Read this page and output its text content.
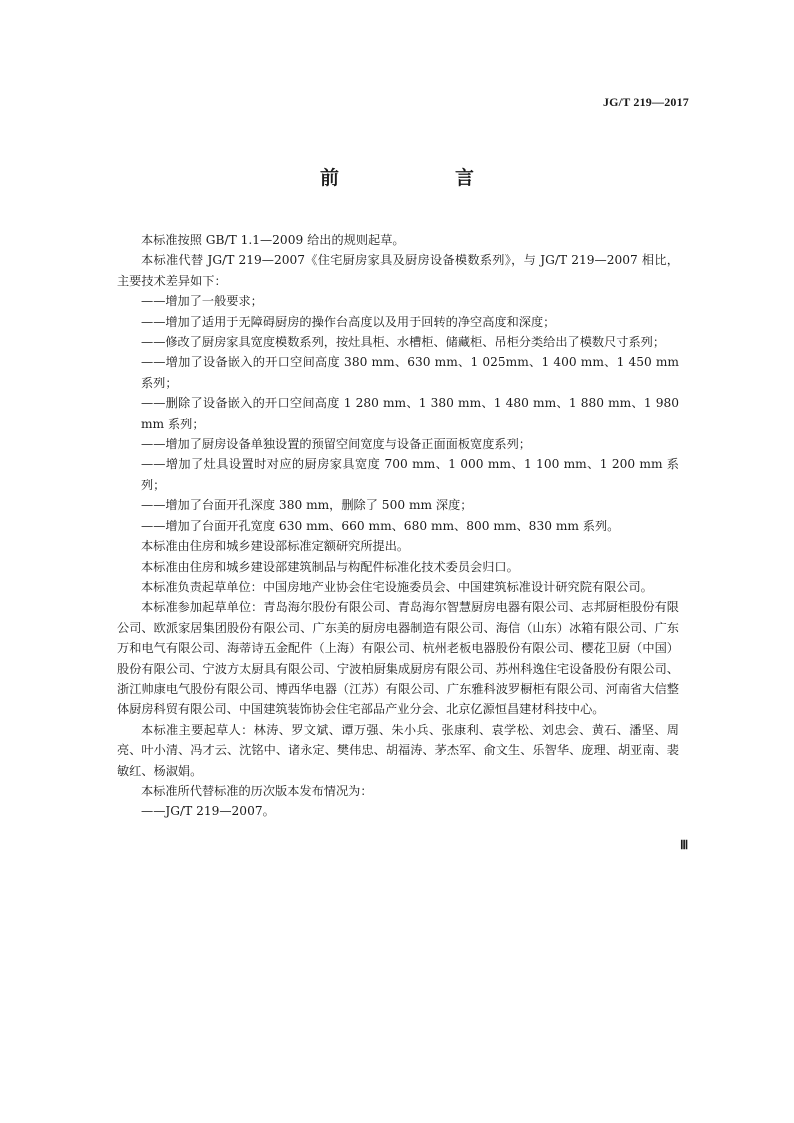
JG/T 219—2017
前　　言

本标准按照 GB/T 1.1—2009 给出的规则起草。

本标准代替 JG/T 219—2007《住宅厨房家具及厨房设备模数系列》，与 JG/T 219—2007 相比，主要技术差异如下：

——增加了一般要求；

——增加了适用于无障碍厨房的操作台高度以及用于回转的净空高度和深度；

——修改了厨房家具宽度模数系列，按灶具柜、水槽柜、储藏柜、吊柜分类给出了模数尺寸系列；

——增加了设备嵌入的开口空间高度 380 mm、630 mm、1 025mm、1 400 mm、1 450 mm 系列；

——删除了设备嵌入的开口空间高度 1 280 mm、1 380 mm、1 480 mm、1 880 mm、1 980 mm 系列；

——增加了厨房设备单独设置的预留空间宽度与设备正面面板宽度系列；

——增加了灶具设置时对应的厨房家具宽度 700 mm、1 000 mm、1 100 mm、1 200 mm 系列；

——增加了台面开孔深度 380 mm，删除了 500 mm 深度；

——增加了台面开孔宽度 630 mm、660 mm、680 mm、800 mm、830 mm 系列。

本标准由住房和城乡建设部标准定额研究所提出。

本标准由住房和城乡建设部建筑制品与构配件标准化技术委员会归口。

本标准负责起草单位：中国房地产业协会住宅设施委员会、中国建筑标准设计研究院有限公司。

本标准参加起草单位：青岛海尔股份有限公司、青岛海尔智慧厨房电器有限公司、志邦厨柜股份有限公司、欧派家居集团股份有限公司、广东美的厨房电器制造有限公司、海信（山东）冰箱有限公司、广东万和电气有限公司、海蒂诗五金配件（上海）有限公司、杭州老板电器股份有限公司、樱花卫厨（中国）股份有限公司、宁波方太厨具有限公司、宁波柏厨集成厨房有限公司、苏州科逸住宅设备股份有限公司、浙江帅康电气股份有限公司、博西华电器（江苏）有限公司、广东雅科波罗橱柜有限公司、河南省大信整体厨房科贸有限公司、中国建筑装饰协会住宅部品产业分会、北京亿源恒昌建材科技中心。

本标准主要起草人：林涛、罗文斌、谭万强、朱小兵、张康利、袁学松、刘忠会、黄石、潘坚、周亮、叶小清、冯才云、沈铭中、诸永定、樊伟忠、胡福涛、茅杰军、俞文生、乐智华、庞理、胡亚南、裴敏红、杨淑娟。

本标准所代替标准的历次版本发布情况为：

——JG/T 219—2007。

Ⅲ
